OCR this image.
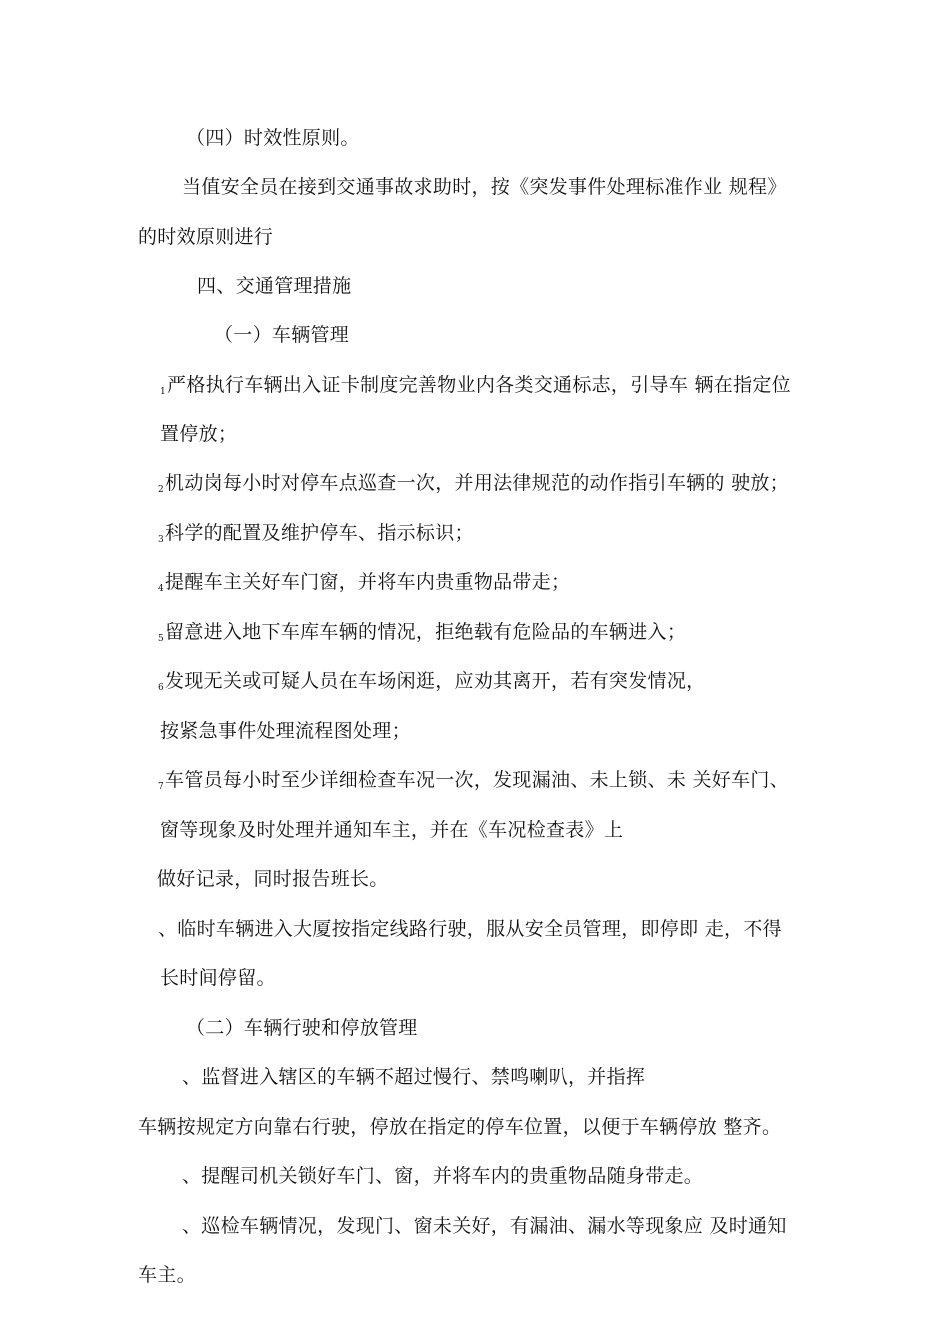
（四）时效性原则。
当值安全员在接到交通事故求助时，按《突发事件处理标准作业 规程》
的时效原则进行
四、交通管理措施
（一）车辆管理
1严格执行车辆出入证卡制度完善物业内各类交通标志，引导车 辆在指定位
置停放；
2机动岗每小时对停车点巡查一次，并用法律规范的动作指引车辆的 驶放；
3科学的配置及维护停车、指示标识；
4提醒车主关好车门窗，并将车内贵重物品带走；
5留意进入地下车库车辆的情况，拒绝载有危险品的车辆进入；
6发现无关或可疑人员在车场闲逛，应劝其离开，若有突发情况，
按紧急事件处理流程图处理；
7车管员每小时至少详细检查车况一次，发现漏油、未上锁、未 关好车门、
窗等现象及时处理并通知车主，并在《车况检查表》上
做好记录，同时报告班长。
、临时车辆进入大厦按指定线路行驶，服从安全员管理，即停即 走，不得
长时间停留。
（二）车辆行驶和停放管理
、监督进入辖区的车辆不超过慢行、禁鸣喇叭，并指挥
车辆按规定方向靠右行驶，停放在指定的停车位置，以便于车辆停放 整齐。
、提醒司机关锁好车门、窗，并将车内的贵重物品随身带走。
、巡检车辆情况，发现门、窗未关好，有漏油、漏水等现象应 及时通知
车主。
